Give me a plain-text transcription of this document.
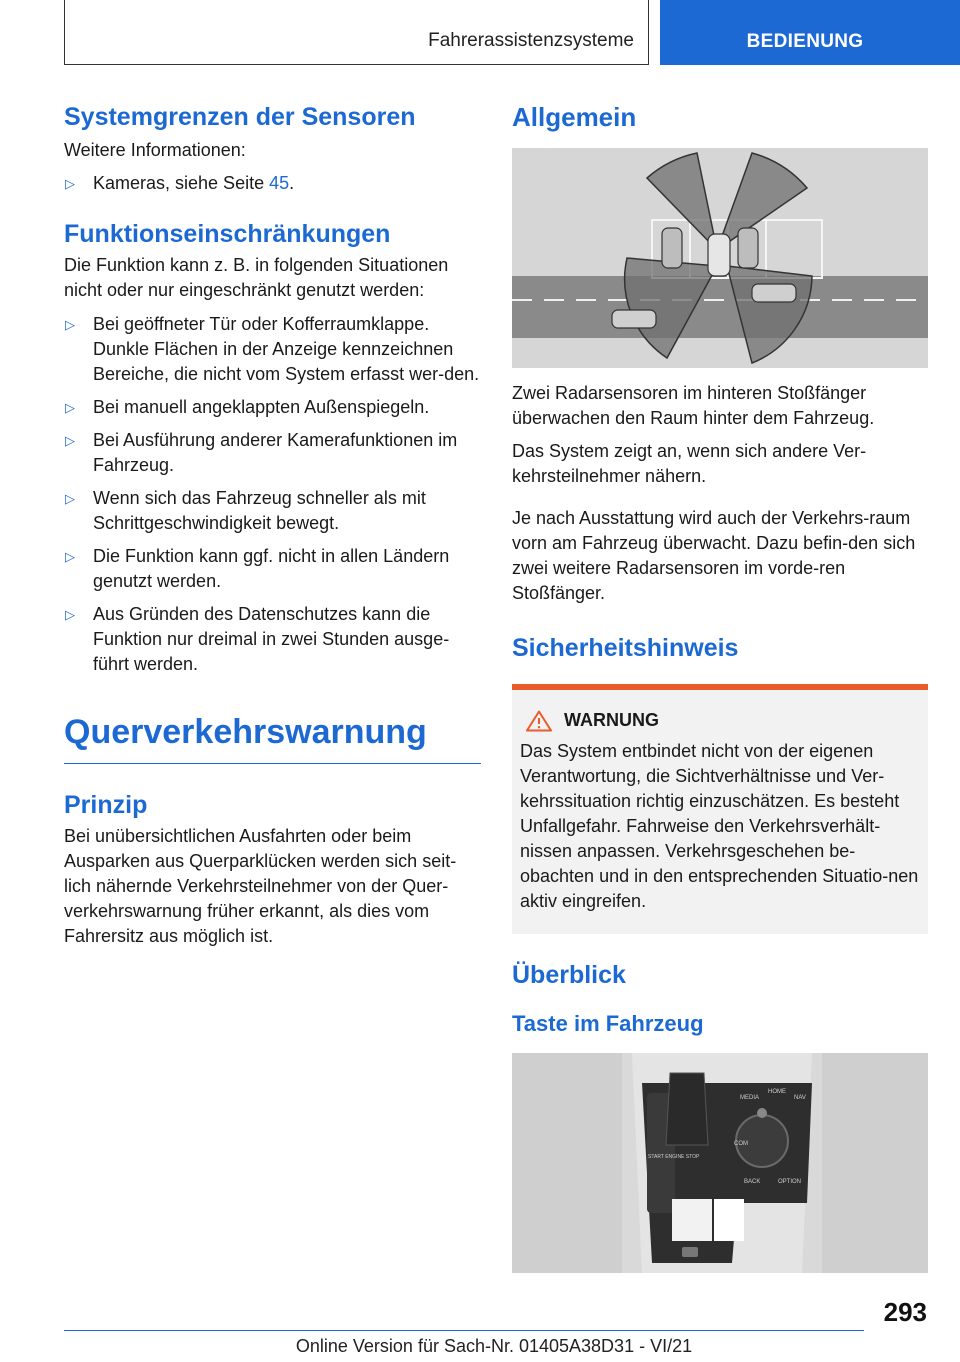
Fahrerassistenzsysteme	BEDIENUNG
Systemgrenzen der Sensoren

Weitere Informationen:

▷ Kameras, siehe Seite 45.
Funktionseinschränkungen

Die Funktion kann z. B. in folgenden Situationen nicht oder nur eingeschränkt genutzt werden:

▷ Bei geöffneter Tür oder Kofferraumklappe. Dunkle Flächen in der Anzeige kennzeichnen Bereiche, die nicht vom System erfasst wer-den.
▷ Bei manuell angeklappten Außenspiegeln.
▷ Bei Ausführung anderer Kamerafunktionen im Fahrzeug.
▷ Wenn sich das Fahrzeug schneller als mit Schrittgeschwindigkeit bewegt.
▷ Die Funktion kann ggf. nicht in allen Ländern genutzt werden.
▷ Aus Gründen des Datenschutzes kann die Funktion nur dreimal in zwei Stunden ausge-führt werden.
Querverkehrswarnung
Prinzip

Bei unübersichtlichen Ausfahrten oder beim Ausparken aus Querparklücken werden sich seit-lich nähernde Verkehrsteilnehmer von der Quer-verkehrswarnung früher erkannt, als dies vom Fahrersitz aus möglich ist.

Allgemein

Zwei Radarsensoren im hinteren Stoßfänger überwachen den Raum hinter dem Fahrzeug.

Das System zeigt an, wenn sich andere Ver-kehrsteilnehmer nähern.

Je nach Ausstattung wird auch der Verkehrs-raum vorn am Fahrzeug überwacht. Dazu befin-den sich zwei weitere Radarsensoren im vorde-ren Stoßfänger.

Sicherheitshinweis
WARNUNG

Das System entbindet nicht von der eigenen Verantwortung, die Sichtverhältnisse und Ver-kehrssituation richtig einzuschätzen. Es besteht Unfallgefahr. Fahrweise den Verkehrsverhält-nissen anpassen. Verkehrsgeschehen be-obachten und in den entsprechenden Situatio-nen aktiv eingreifen.

Überblick
Taste im Fahrzeug
MEDIA
HOME
NAV
COM
BACK	OPTION
START ENGINE STOP
293
Online Version für Sach-Nr. 01405A38D31 - VI/21
